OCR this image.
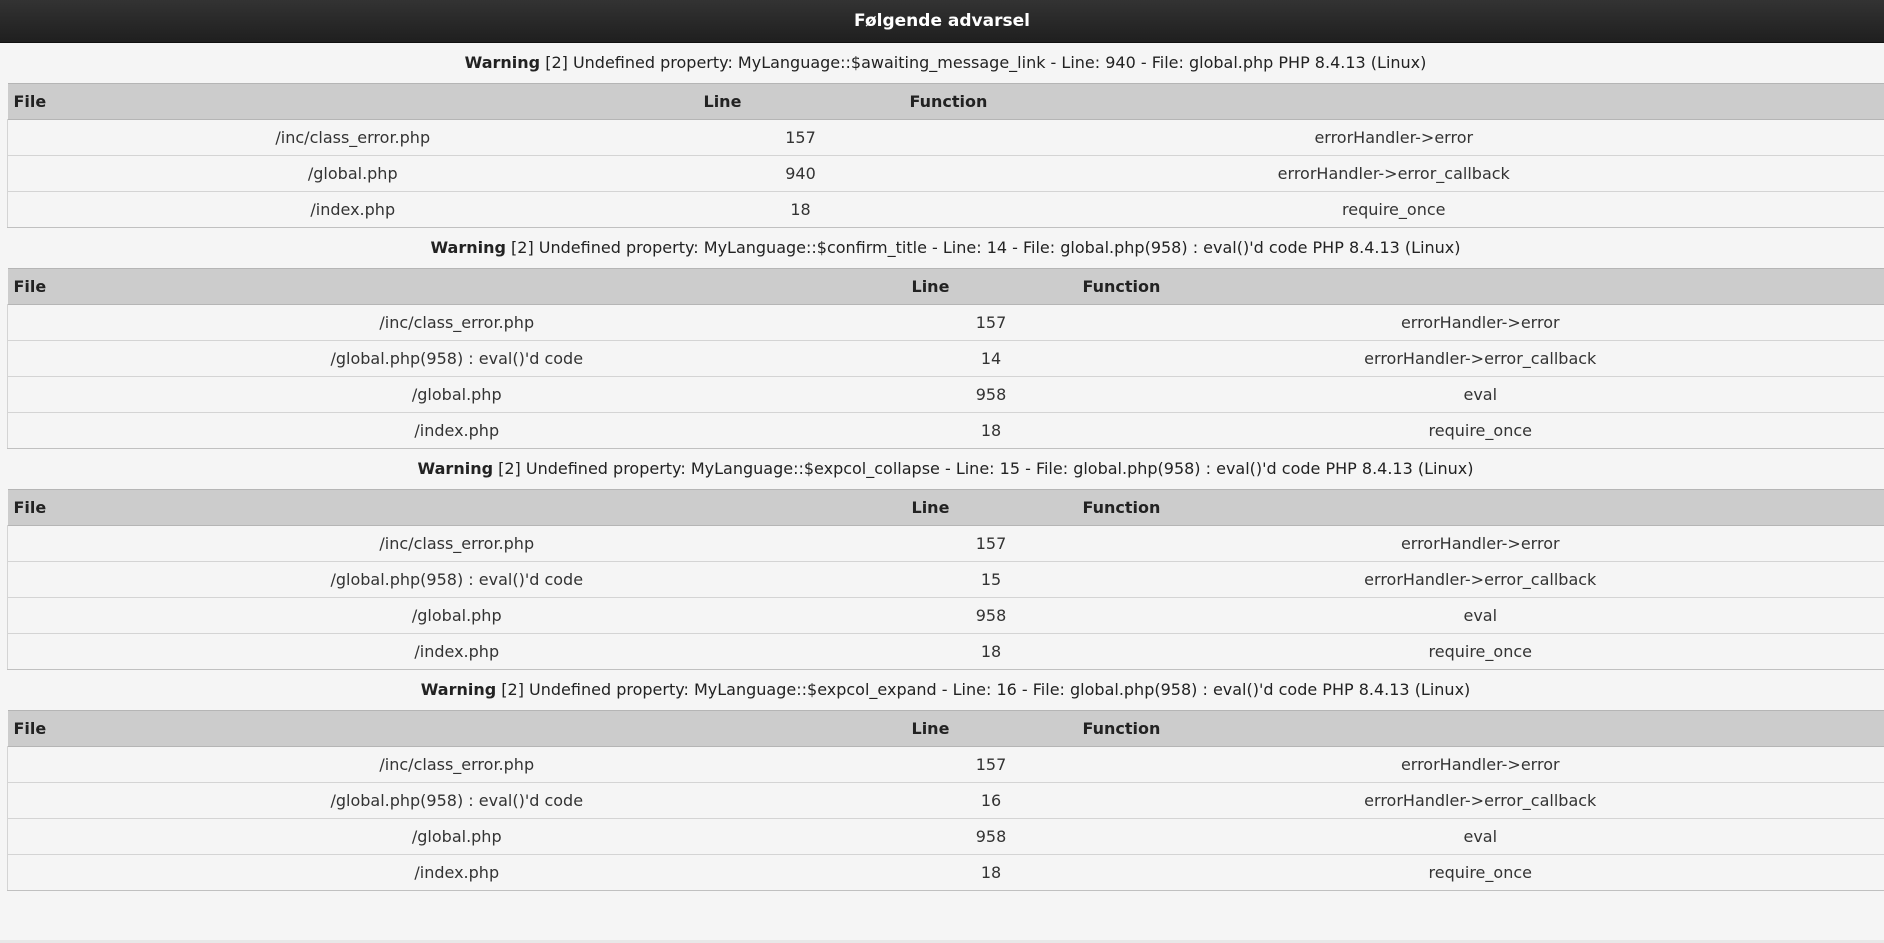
Følgende advarsel
Warning [2] Undefined property: MyLanguage::$awaiting_message_link - Line: 940 - File: global.php PHP 8.4.13 (Linux)
File	Line	Function
/inc/class_error.php	157	errorHandler->error
/global.php	940	errorHandler->error_callback
/index.php	18	require_once
Warning [2] Undefined property: MyLanguage::$confirm_title - Line: 14 - File: global.php(958) : eval()'d code PHP 8.4.13 (Linux)
File	Line	Function
/inc/class_error.php	157	errorHandler->error
/global.php(958) : eval()'d code	14	errorHandler->error_callback
/global.php	958	eval
/index.php	18	require_once
Warning [2] Undefined property: MyLanguage::$expcol_collapse - Line: 15 - File: global.php(958) : eval()'d code PHP 8.4.13 (Linux)
File	Line	Function
/inc/class_error.php	157	errorHandler->error
/global.php(958) : eval()'d code	15	errorHandler->error_callback
/global.php	958	eval
/index.php	18	require_once
Warning [2] Undefined property: MyLanguage::$expcol_expand - Line: 16 - File: global.php(958) : eval()'d code PHP 8.4.13 (Linux)
File	Line	Function
/inc/class_error.php	157	errorHandler->error
/global.php(958) : eval()'d code	16	errorHandler->error_callback
/global.php	958	eval
/index.php	18	require_once
